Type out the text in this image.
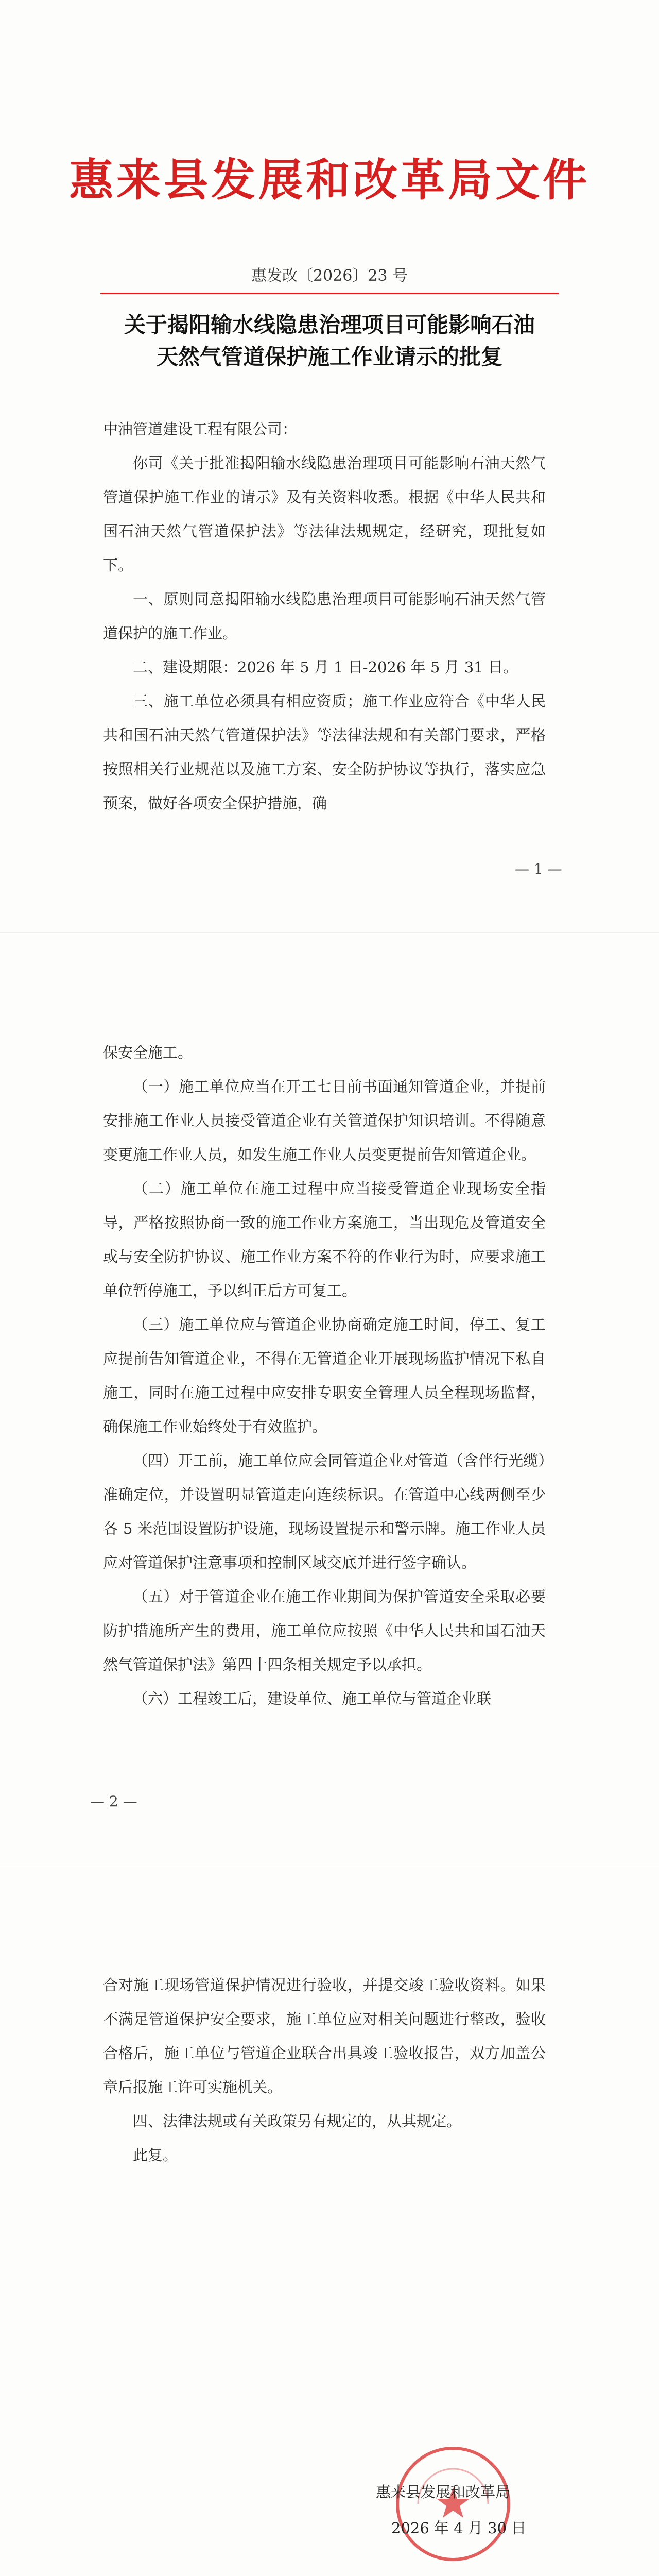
惠来县发展和改革局文件
惠发改〔2026〕23 号
关于揭阳输水线隐患治理项目可能影响石油
天然气管道保护施工作业请示的批复

中油管道建设工程有限公司：

你司《关于批准揭阳输水线隐患治理项目可能影响石油天然气管道保护施工作业的请示》及有关资料收悉。根据《中华人民共和国石油天然气管道保护法》等法律法规规定，经研究，现批复如下。

一、原则同意揭阳输水线隐患治理项目可能影响石油天然气管道保护的施工作业。

二、建设期限：2026 年 5 月 1 日-2026 年 5 月 31 日。

三、施工单位必须具有相应资质；施工作业应符合《中华人民共和国石油天然气管道保护法》等法律法规和有关部门要求，严格按照相关行业规范以及施工方案、安全防护协议等执行，落实应急预案，做好各项安全保护措施，确

— 1 —

保安全施工。

（一）施工单位应当在开工七日前书面通知管道企业，并提前安排施工作业人员接受管道企业有关管道保护知识培训。不得随意变更施工作业人员，如发生施工作业人员变更提前告知管道企业。

（二）施工单位在施工过程中应当接受管道企业现场安全指导，严格按照协商一致的施工作业方案施工，当出现危及管道安全或与安全防护协议、施工作业方案不符的作业行为时，应要求施工单位暂停施工，予以纠正后方可复工。

（三）施工单位应与管道企业协商确定施工时间，停工、复工应提前告知管道企业，不得在无管道企业开展现场监护情况下私自施工，同时在施工过程中应安排专职安全管理人员全程现场监督，确保施工作业始终处于有效监护。

（四）开工前，施工单位应会同管道企业对管道（含伴行光缆）准确定位，并设置明显管道走向连续标识。在管道中心线两侧至少各 5 米范围设置防护设施，现场设置提示和警示牌。施工作业人员应对管道保护注意事项和控制区域交底并进行签字确认。

（五）对于管道企业在施工作业期间为保护管道安全采取必要防护措施所产生的费用，施工单位应按照《中华人民共和国石油天然气管道保护法》第四十四条相关规定予以承担。

（六）工程竣工后，建设单位、施工单位与管道企业联

— 2 —

合对施工现场管道保护情况进行验收，并提交竣工验收资料。如果不满足管道保护安全要求，施工单位应对相关问题进行整改，验收合格后，施工单位与管道企业联合出具竣工验收报告，双方加盖公章后报施工许可实施机关。

四、法律法规或有关政策另有规定的，从其规定。

此复。

惠来县发展和改革局
2026 年 4 月 30 日
